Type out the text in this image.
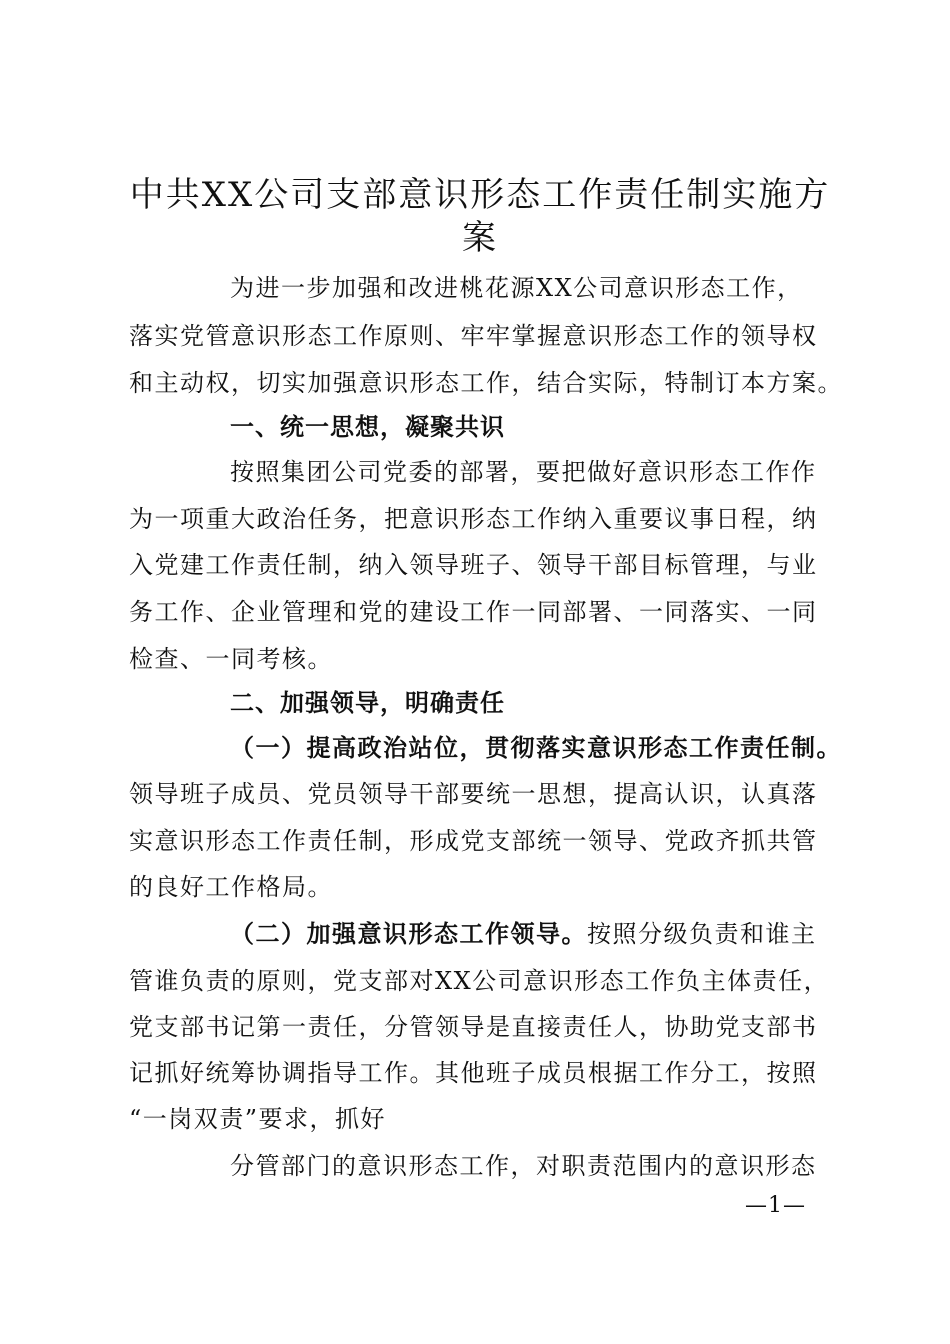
中共XX公司支部意识形态工作责任制实施方
案
为进一步加强和改进桃花源XX公司意识形态工作，
落实党管意识形态工作原则、牢牢掌握意识形态工作的领导权
和主动权，切实加强意识形态工作，结合实际，特制订本方案。
一、统一思想，凝聚共识
按照集团公司党委的部署，要把做好意识形态工作作
为一项重大政治任务，把意识形态工作纳入重要议事日程，纳
入党建工作责任制，纳入领导班子、领导干部目标管理，与业
务工作、企业管理和党的建设工作一同部署、一同落实、一同
检查、一同考核。
二、加强领导，明确责任
（一）提高政治站位，贯彻落实意识形态工作责任制。
领导班子成员、党员领导干部要统一思想，提高认识，认真落
实意识形态工作责任制，形成党支部统一领导、党政齐抓共管
的良好工作格局。
（二）加强意识形态工作领导。按照分级负责和谁主
管谁负责的原则，党支部对XX公司意识形态工作负主体责任，
党支部书记第一责任，分管领导是直接责任人，协助党支部书
记抓好统筹协调指导工作。其他班子成员根据工作分工，按照
“一岗双责”要求，抓好
分管部门的意识形态工作，对职责范围内的意识形态
—1—
